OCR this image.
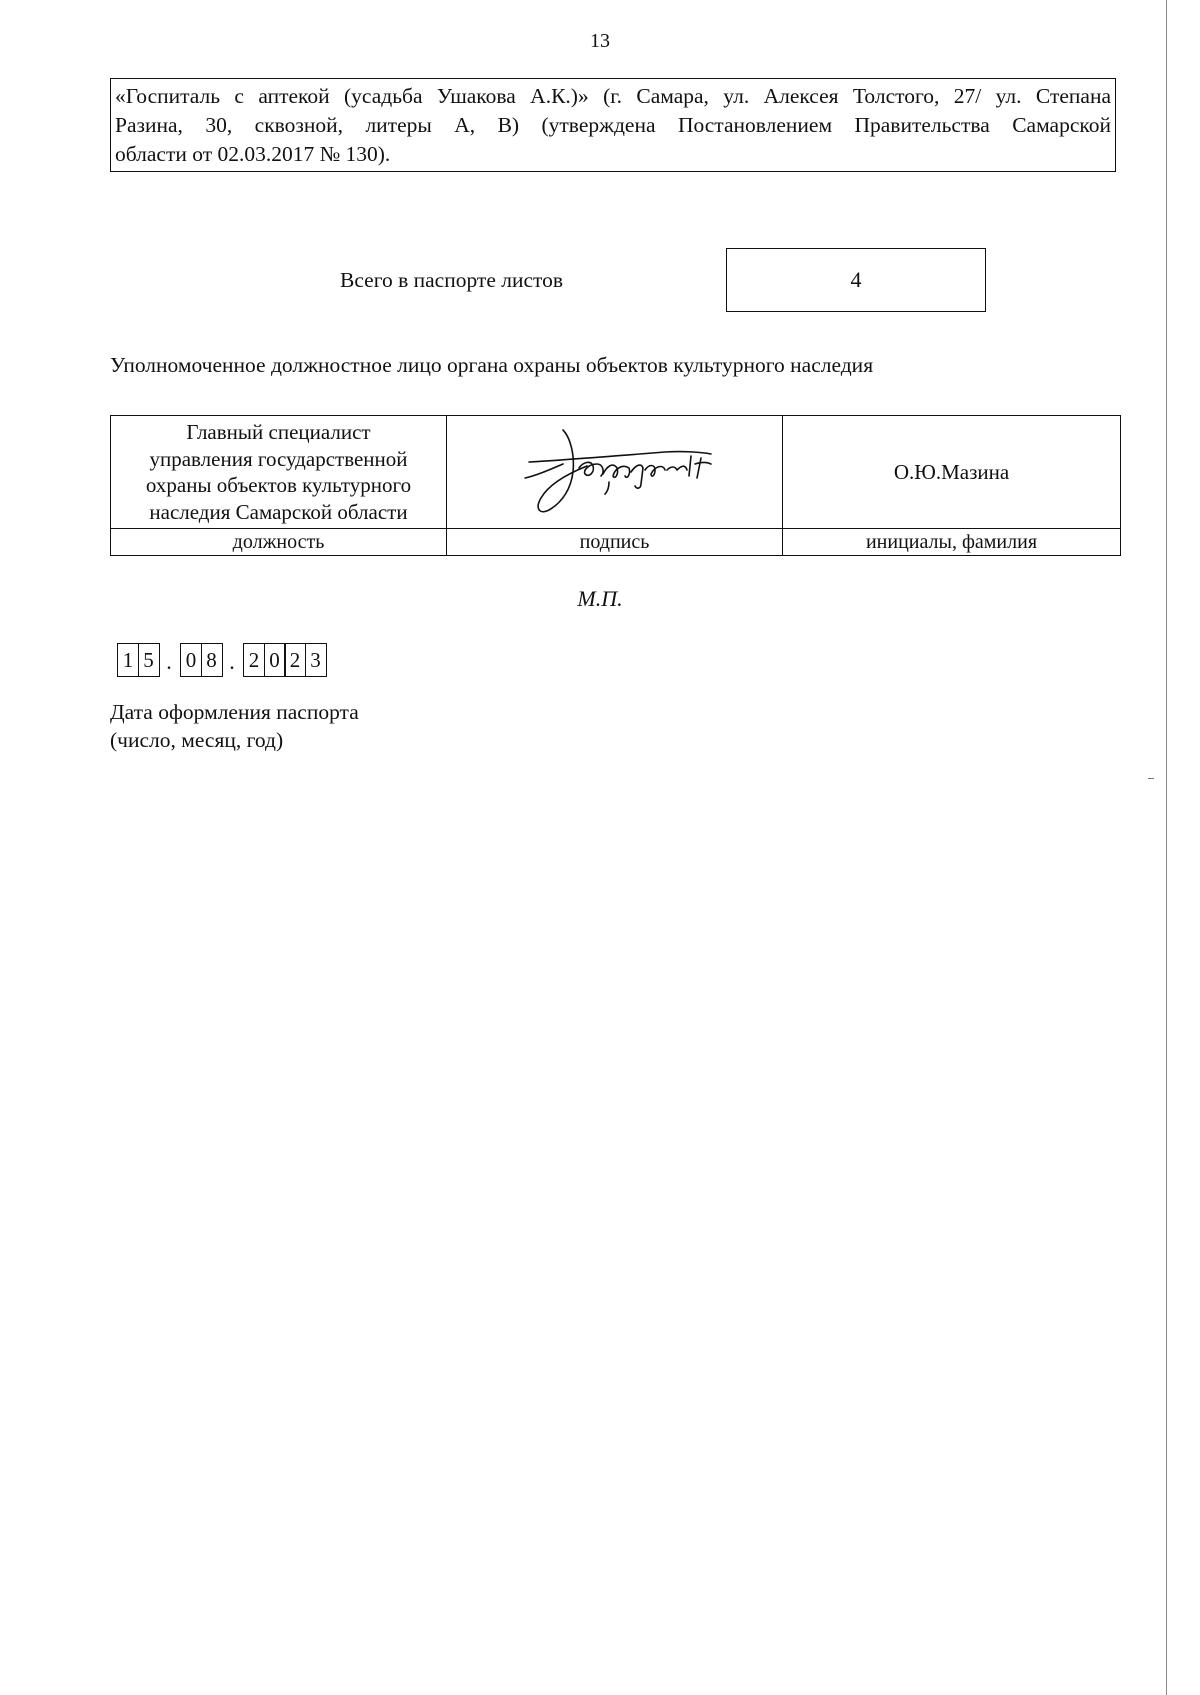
13
«Госпиталь с аптекой (усадьба Ушакова А.К.)» (г. Самара, ул. Алексея Толстого, 27/ ул. Степана
Разина, 30, сквозной, литеры А, В) (утверждена Постановлением Правительства Самарской
области от 02.03.2017 № 130).
Всего в паспорте листов	4
Уполномоченное должностное лицо органа охраны объектов культурного наследия
Главный специалист
управления государственной
охраны объектов культурного
наследия Самарской области		О.Ю.Мазина
должность	подпись	инициалы, фамилия
М.П.
1 5 . 0 8 . 2 0 2 3
Дата оформления паспорта
(число, месяц, год)
